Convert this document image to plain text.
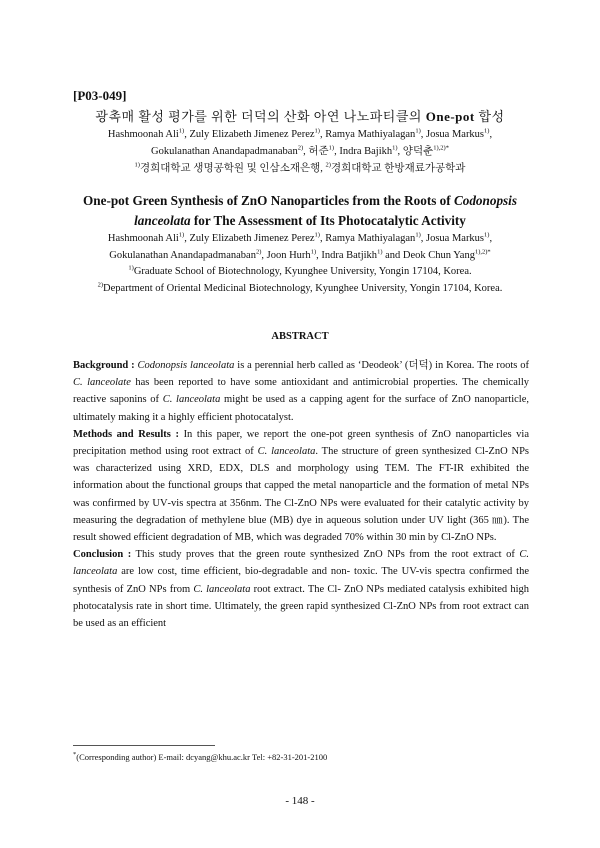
[P03-049]
광촉매 활성 평가를 위한 더덕의 산화 아연 나노파티클의 One-pot 합성
Hashmoonah Ali$^{1)}$, Zuly Elizabeth Jimenez Perez$^{1)}$, Ramya Mathiyalagan$^{1)}$, Josua Markus$^{1)}$,
Gokulanathan Anandapadmanaban$^{2)}$, 허준$^{1)}$, Indra Bajikh$^{1)}$, 양덕춘$^{1),2)*}$
$^{1)}$경희대학교 생명공학원 및 인삼소재은행, $^{2)}$경희대학교 한방재료가공학과
One-pot Green Synthesis of ZnO Nanoparticles from the Roots of Codonopsis
lanceolata for The Assessment of Its Photocatalytic Activity
Hashmoonah Ali$^{1)}$, Zuly Elizabeth Jimenez Perez$^{1)}$, Ramya Mathiyalagan$^{1)}$, Josua Markus$^{1)}$,
Gokulanathan Anandapadmanaban$^{2)}$, Joon Hurh$^{1)}$, Indra Batjikh$^{1)}$ and Deok Chun Yang$^{1),2)*}$
$^{1)}$Graduate School of Biotechnology, Kyunghee University, Yongin 17104, Korea.
$^{2)}$Department of Oriental Medicinal Biotechnology, Kyunghee University, Yongin 17104, Korea.
ABSTRACT

Background : Codonopsis lanceolata is a perennial herb called as ‘Deodeok’ (더덕) in Korea. The roots of C. lanceolate has been reported to have some antioxidant and antimicrobial properties. The chemically reactive saponins of C. lanceolata might be used as a capping agent for the surface of ZnO nanoparticle, ultimately making it a highly efficient photocatalyst.

Methods and Results : In this paper, we report the one-pot green synthesis of ZnO nanoparticles via precipitation method using root extract of C. lanceolata. The structure of green synthesized Cl-ZnO NPs was characterized using XRD, EDX, DLS and morphology using TEM. The FT-IR exhibited the information about the functional groups that capped the metal nanoparticle and the formation of metal NPs was confirmed by UV‐vis spectra at 356nm. The Cl-ZnO NPs were evaluated for their catalytic activity by measuring the degradation of methylene blue (MB) dye in aqueous solution under UV light (365 ㎚). The result showed efficient degradation of MB, which was degraded 70% within 30 min by Cl-ZnO NPs.

Conclusion : This study proves that the green route synthesized ZnO NPs from the root extract of C. lanceolata are low cost, time efficient, bio-degradable and non- toxic. The UV-vis spectra confirmed the synthesis of ZnO NPs from C. lanceolata root extract. The Cl- ZnO NPs mediated catalysis exhibited high photocatalysis rate in short time. Ultimately, the green rapid synthesized Cl-ZnO NPs from root extract can be used as an efficient

*(Corresponding author) E-mail: dcyang@khu.ac.kr Tel: +82-31-201-2100
- 148 -
